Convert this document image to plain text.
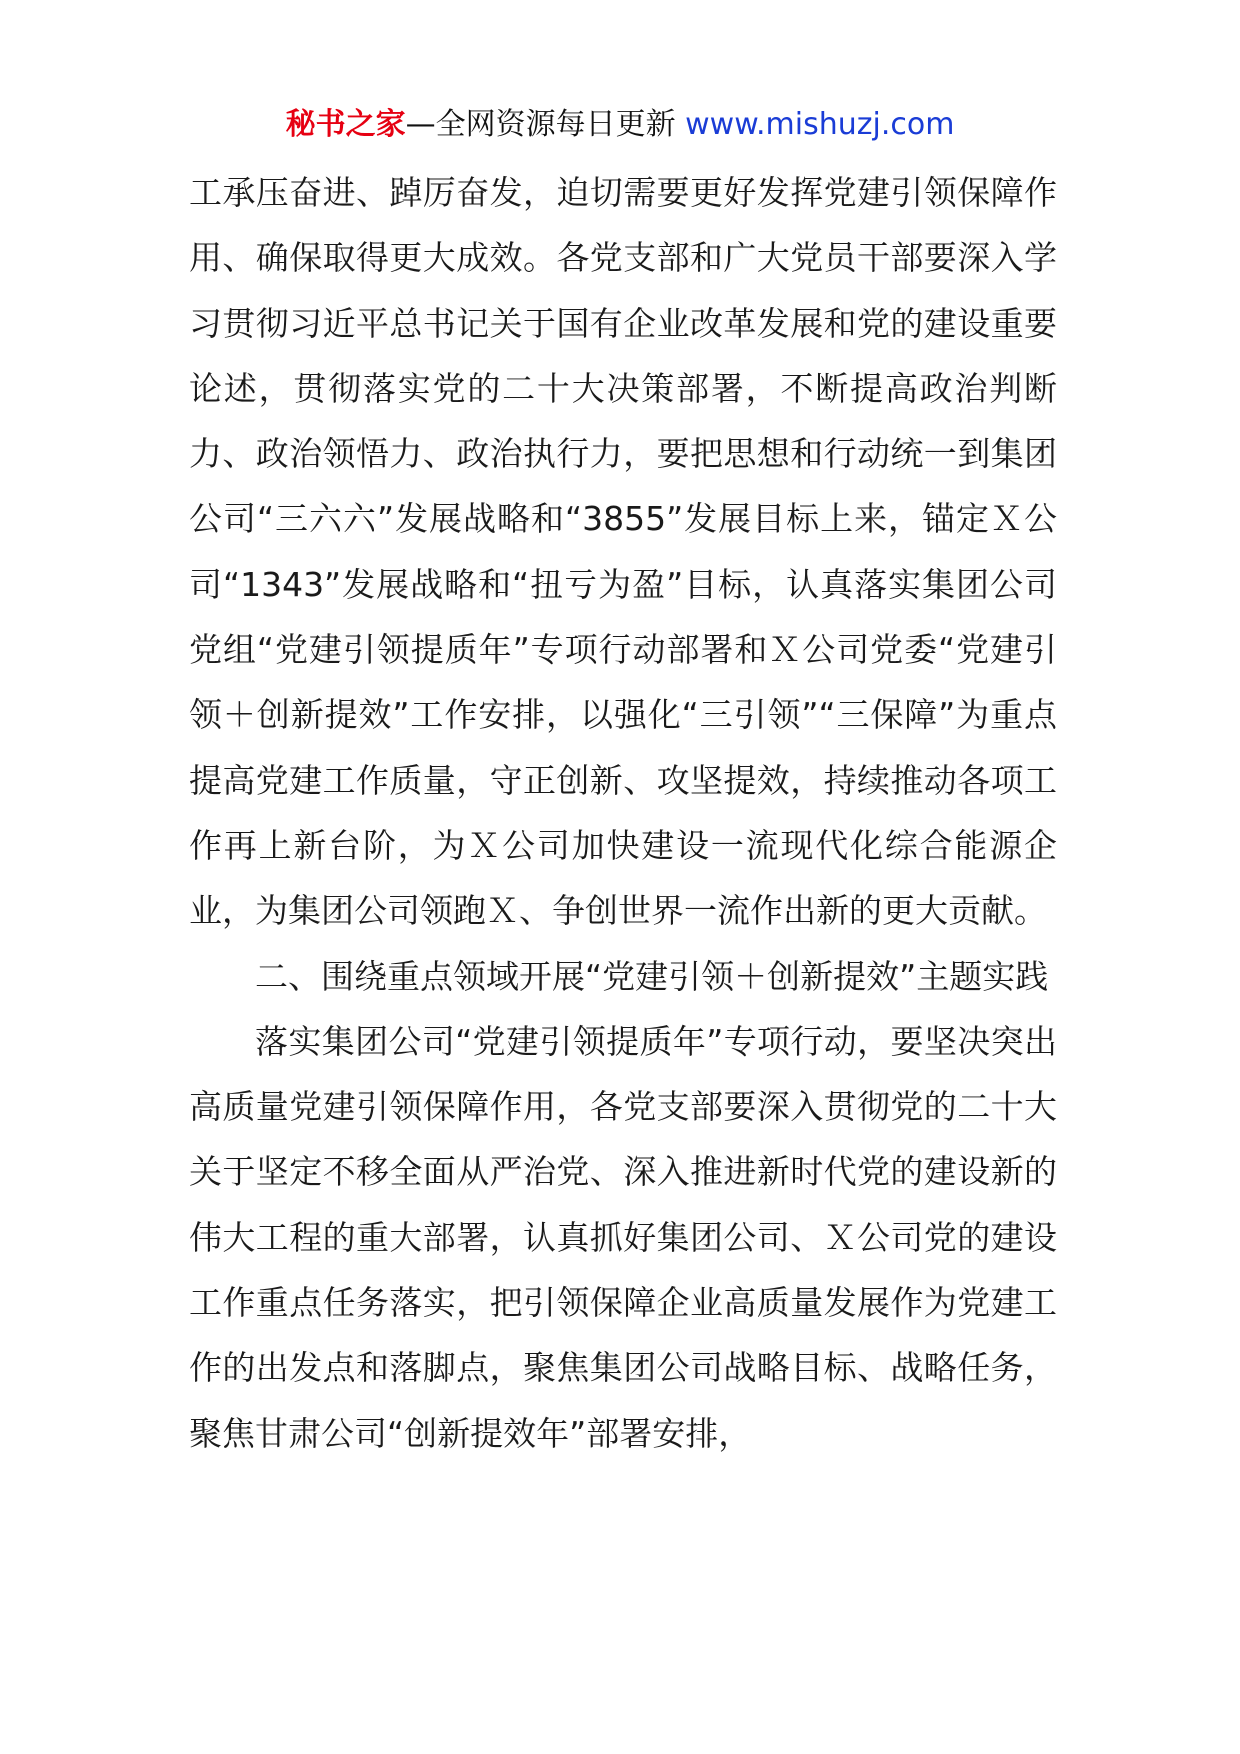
秘书之家—全网资源每日更新 www.mishuzj.com

工承压奋进、踔厉奋发，迫切需要更好发挥党建引领保障作用、确保取得更大成效。各党支部和广大党员干部要深入学习贯彻习近平总书记关于国有企业改革发展和党的建设重要论述，贯彻落实党的二十大决策部署，不断提高政治判断力、政治领悟力、政治执行力，要把思想和行动统一到集团公司“三六六”发展战略和“3855”发展目标上来，锚定Ｘ公司“1343”发展战略和“扭亏为盈”目标，认真落实集团公司党组“党建引领提质年”专项行动部署和Ｘ公司党委“党建引领＋创新提效”工作安排，以强化“三引领”“三保障”为重点提高党建工作质量，守正创新、攻坚提效，持续推动各项工作再上新台阶，为Ｘ公司加快建设一流现代化综合能源企业，为集团公司领跑Ｘ、争创世界一流作出新的更大贡献。

二、围绕重点领域开展“党建引领＋创新提效”主题实践

落实集团公司“党建引领提质年”专项行动，要坚决突出高质量党建引领保障作用，各党支部要深入贯彻党的二十大关于坚定不移全面从严治党、深入推进新时代党的建设新的伟大工程的重大部署，认真抓好集团公司、Ｘ公司党的建设工作重点任务落实，把引领保障企业高质量发展作为党建工作的出发点和落脚点，聚焦集团公司战略目标、战略任务，聚焦甘肃公司“创新提效年”部署安排，
